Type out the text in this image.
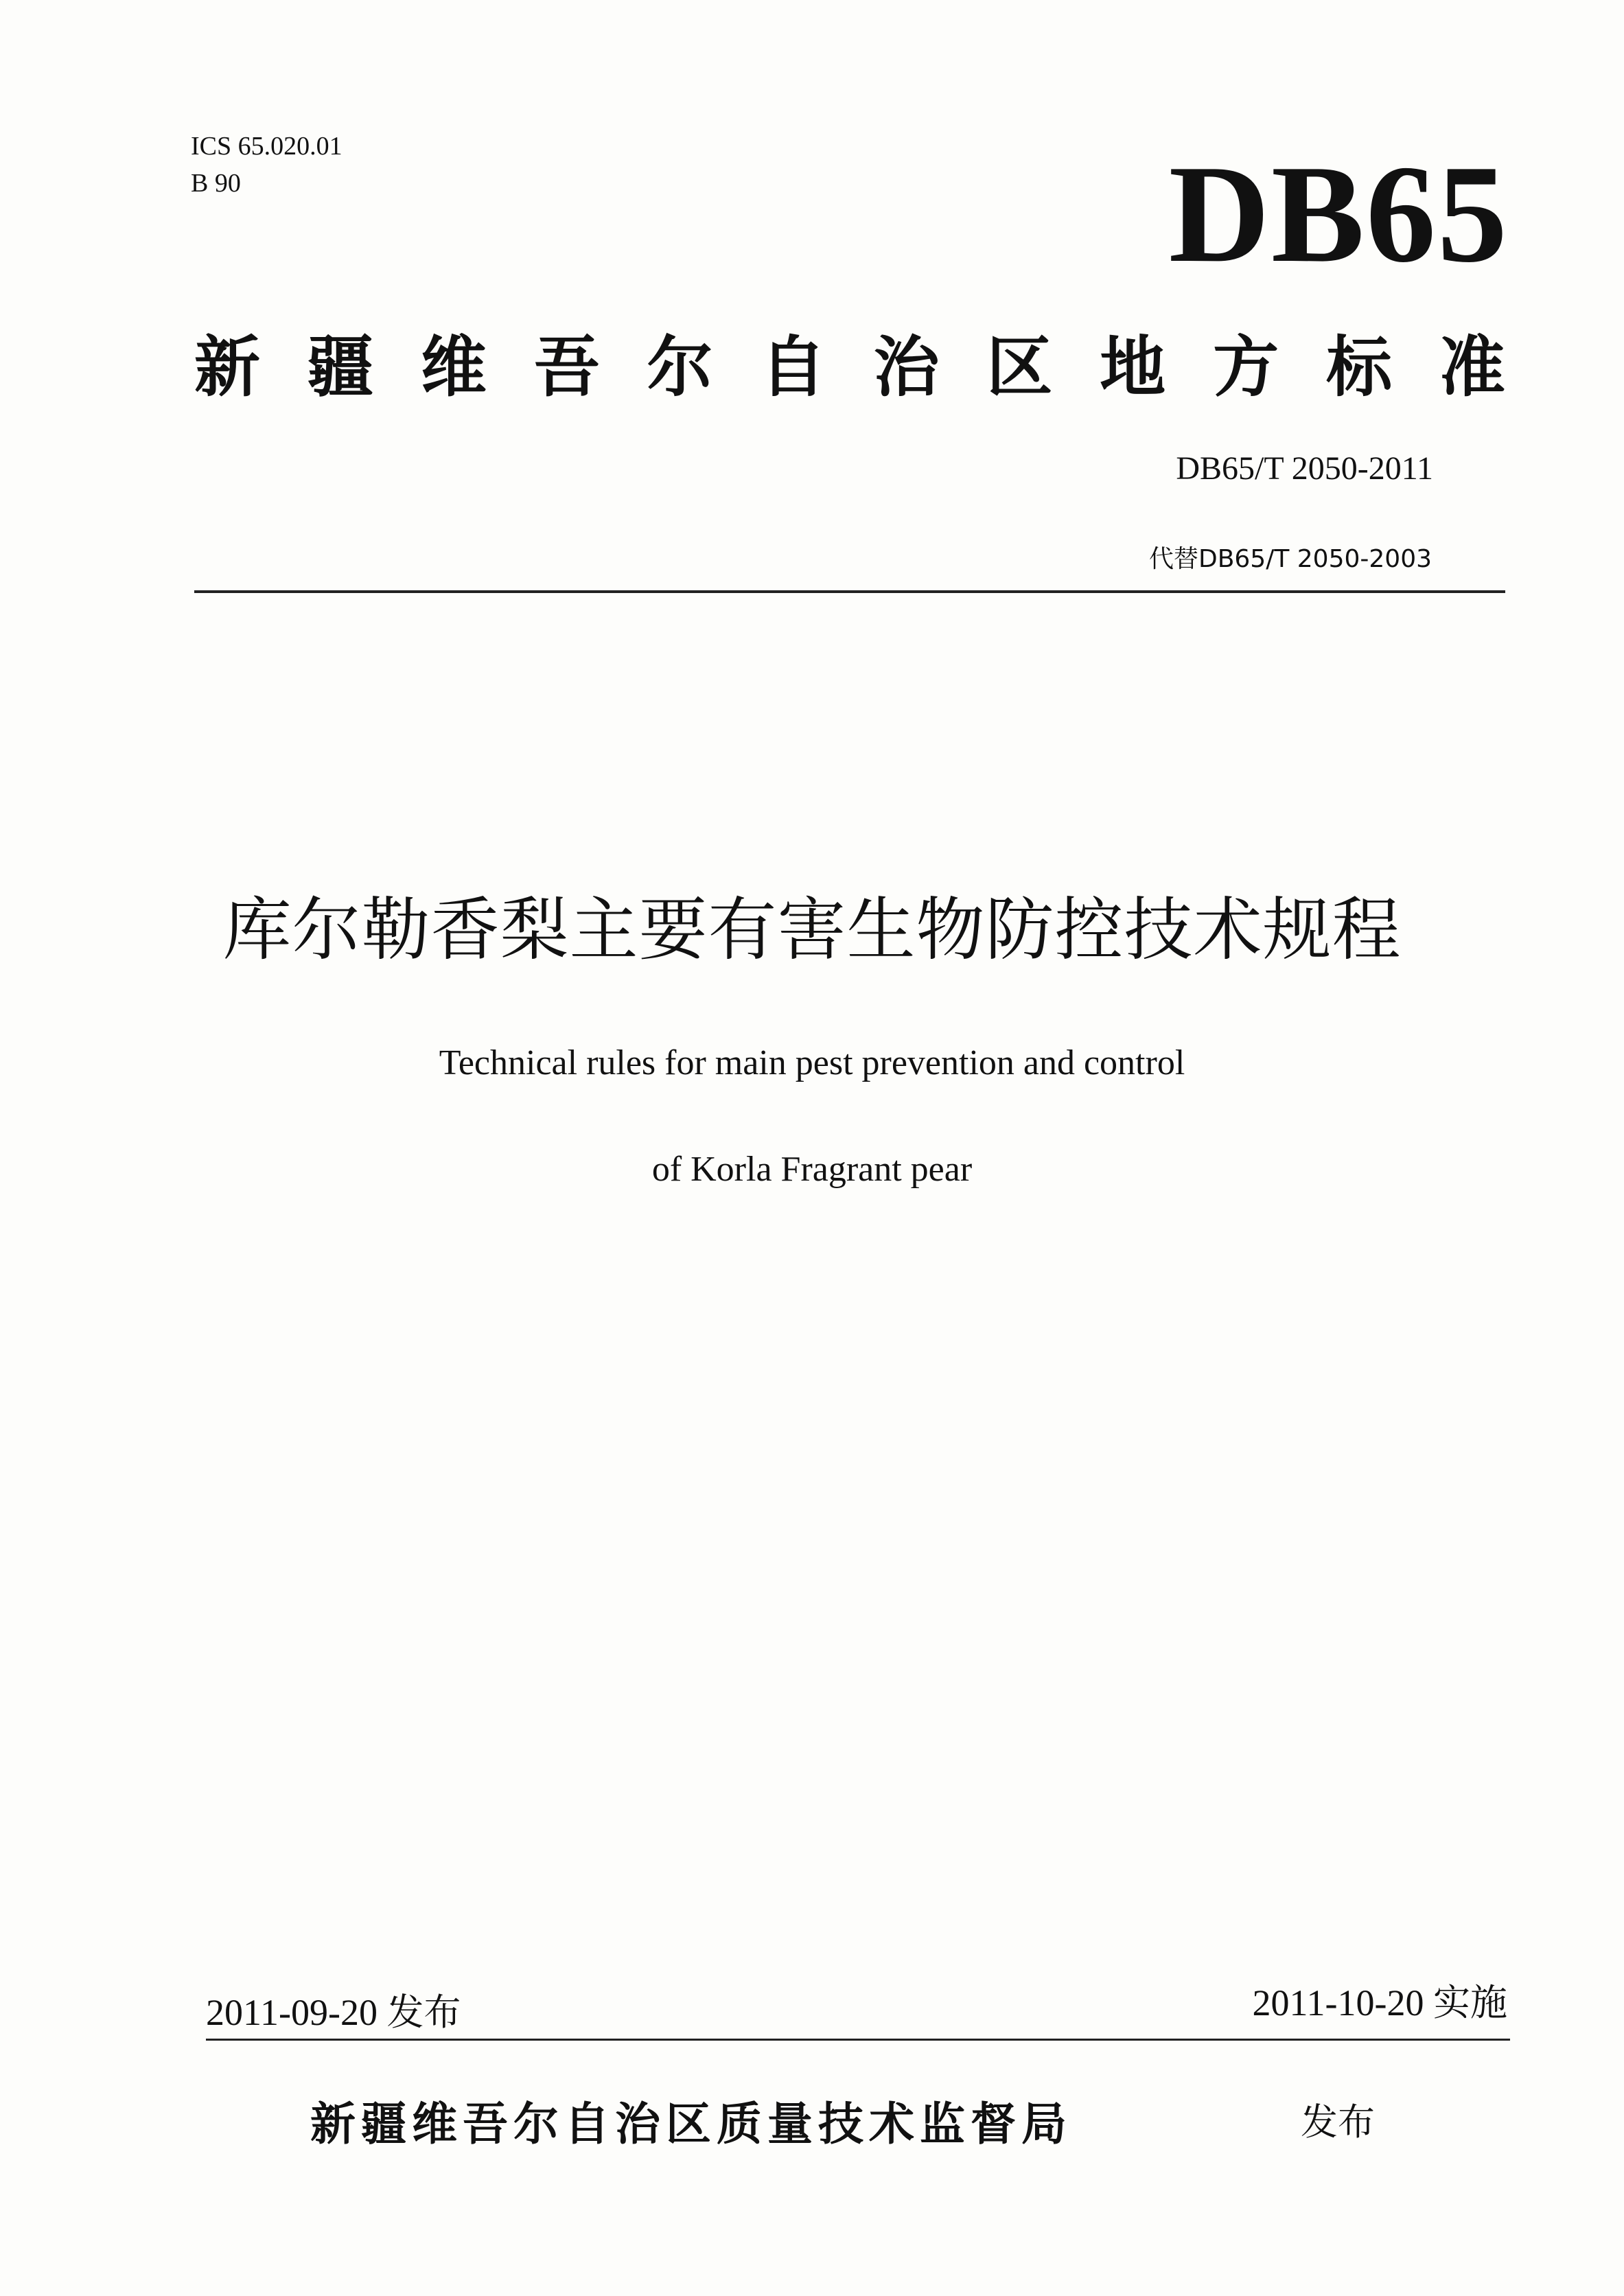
ICS 65.020.01
B 90	DB65
新 疆 维 吾 尔 自 治 区 地 方 标 准
DB65/T 2050-2011
代替DB65/T 2050-2003
库尔勒香梨主要有害生物防控技术规程
Technical rules for main pest prevention and control
of Korla Fragrant pear
2011-09-20 发布	2011-10-20 实施
新疆维吾尔自治区质量技术监督局	发布
